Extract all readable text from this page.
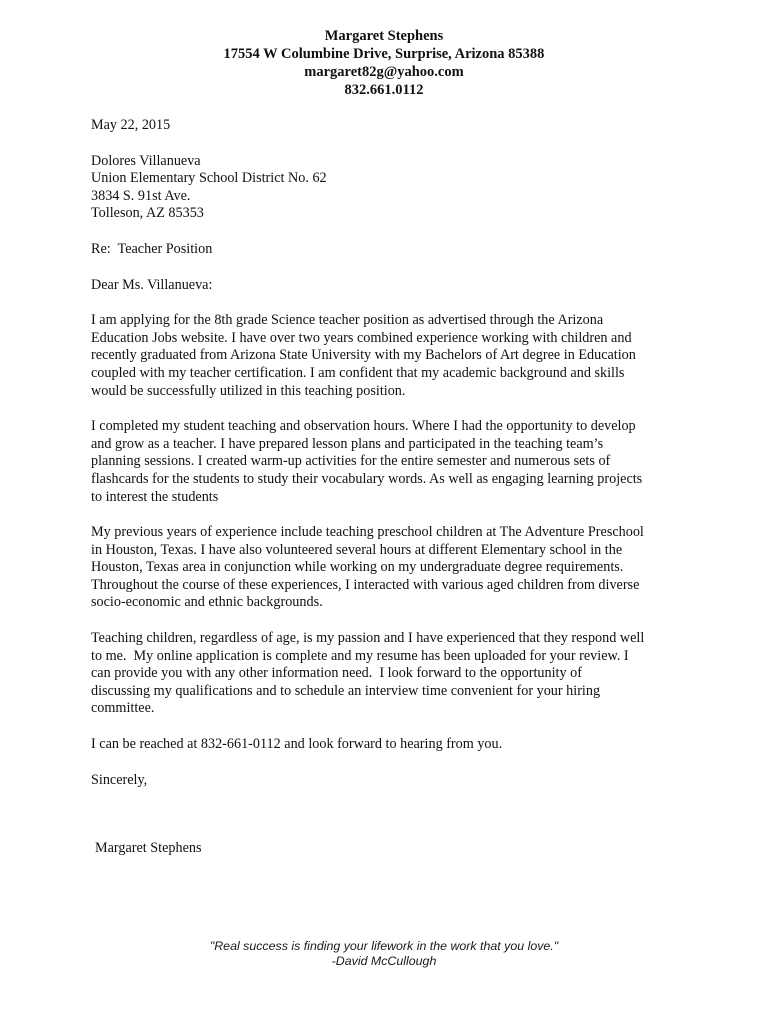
Margaret Stephens
17554 W Columbine Drive, Surprise, Arizona 85388
margaret82g@yahoo.com
832.661.0112

May 22, 2015

Dolores Villanueva

Union Elementary School District No. 62

3834 S. 91st Ave.

Tolleson, AZ 85353

Re:  Teacher Position

Dear Ms. Villanueva:

I am applying for the 8th grade Science teacher position as advertised through the Arizona

Education Jobs website. I have over two years combined experience working with children and

recently graduated from Arizona State University with my Bachelors of Art degree in Education

coupled with my teacher certification. I am confident that my academic background and skills

would be successfully utilized in this teaching position.

I completed my student teaching and observation hours. Where I had the opportunity to develop

and grow as a teacher. I have prepared lesson plans and participated in the teaching team’s

planning sessions. I created warm-up activities for the entire semester and numerous sets of

flashcards for the students to study their vocabulary words. As well as engaging learning projects

to interest the students

My previous years of experience include teaching preschool children at The Adventure Preschool

in Houston, Texas. I have also volunteered several hours at different Elementary school in the

Houston, Texas area in conjunction while working on my undergraduate degree requirements.

Throughout the course of these experiences, I interacted with various aged children from diverse

socio-economic and ethnic backgrounds.

Teaching children, regardless of age, is my passion and I have experienced that they respond well

to me.  My online application is complete and my resume has been uploaded for your review. I

can provide you with any other information need.  I look forward to the opportunity of

discussing my qualifications and to schedule an interview time convenient for your hiring

committee.

I can be reached at 832-661-0112 and look forward to hearing from you.

Sincerely,

Margaret Stephens

"Real success is finding your lifework in the work that you love."
-David McCullough
